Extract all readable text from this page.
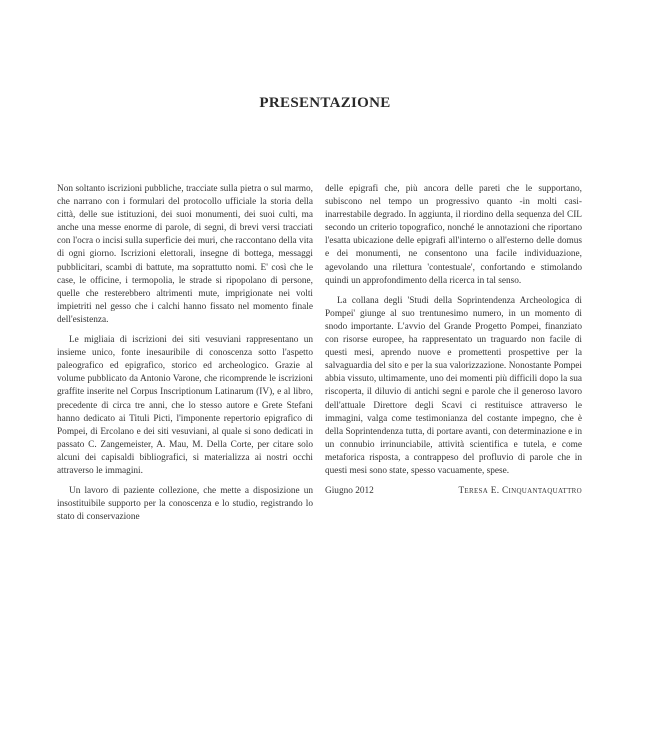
PRESENTAZIONE

Non soltanto iscrizioni pubbliche, tracciate sulla pietra o sul marmo, che narrano con i formulari del protocollo ufficiale la storia della città, delle sue istituzioni, dei suoi monumenti, dei suoi culti, ma anche una messe enorme di parole, di segni, di brevi versi tracciati con l'ocra o incisi sulla superficie dei muri, che raccontano della vita di ogni giorno. Iscrizioni elettorali, insegne di bottega, messaggi pubblicitari, scambi di battute, ma soprattutto nomi. E' così che le case, le officine, i termopolia, le strade si ripopolano di persone, quelle che resterebbero altrimenti mute, imprigionate nei volti impietriti nel gesso che i calchi hanno fissato nel momento finale dell'esistenza.

Le migliaia di iscrizioni dei siti vesuviani rappresentano un insieme unico, fonte inesauribile di conoscenza sotto l'aspetto paleografico ed epigrafico, storico ed archeologico. Grazie al volume pubblicato da Antonio Varone, che ricomprende le iscrizioni graffite inserite nel Corpus Inscriptionum Latinarum (IV), e al libro, precedente di circa tre anni, che lo stesso autore e Grete Stefani hanno dedicato ai Tituli Picti, l'imponente repertorio epigrafico di Pompei, di Ercolano e dei siti vesuviani, al quale si sono dedicati in passato C. Zangemeister, A. Mau, M. Della Corte, per citare solo alcuni dei capisaldi bibliografici, si materializza ai nostri occhi attraverso le immagini.

Un lavoro di paziente collezione, che mette a disposizione un insostituibile supporto per la conoscenza e lo studio, registrando lo stato di conservazione

delle epigrafi che, più ancora delle pareti che le supportano, subiscono nel tempo un progressivo quanto -in molti casi- inarrestabile degrado. In aggiunta, il riordino della sequenza del CIL secondo un criterio topografico, nonché le annotazioni che riportano l'esatta ubicazione delle epigrafi all'interno o all'esterno delle domus e dei monumenti, ne consentono una facile individuazione, agevolando una rilettura 'contestuale', confortando e stimolando quindi un approfondimento della ricerca in tal senso.

La collana degli 'Studi della Soprintendenza Archeologica di Pompei' giunge al suo trentunesimo numero, in un momento di snodo importante. L'avvio del Grande Progetto Pompei, finanziato con risorse europee, ha rappresentato un traguardo non facile di questi mesi, aprendo nuove e promettenti prospettive per la salvaguardia del sito e per la sua valorizzazione. Nonostante Pompei abbia vissuto, ultimamente, uno dei momenti più difficili dopo la sua riscoperta, il diluvio di antichi segni e parole che il generoso lavoro dell'attuale Direttore degli Scavi ci restituisce attraverso le immagini, valga come testimonianza del costante impegno, che è della Soprintendenza tutta, di portare avanti, con determinazione e in un connubio irrinunciabile, attività scientifica e tutela, e come metaforica risposta, a contrappeso del profluvio di parole che in questi mesi sono state, spesso vacuamente, spese.

Giugno 2012	Teresa E. Cinquantaquattro
